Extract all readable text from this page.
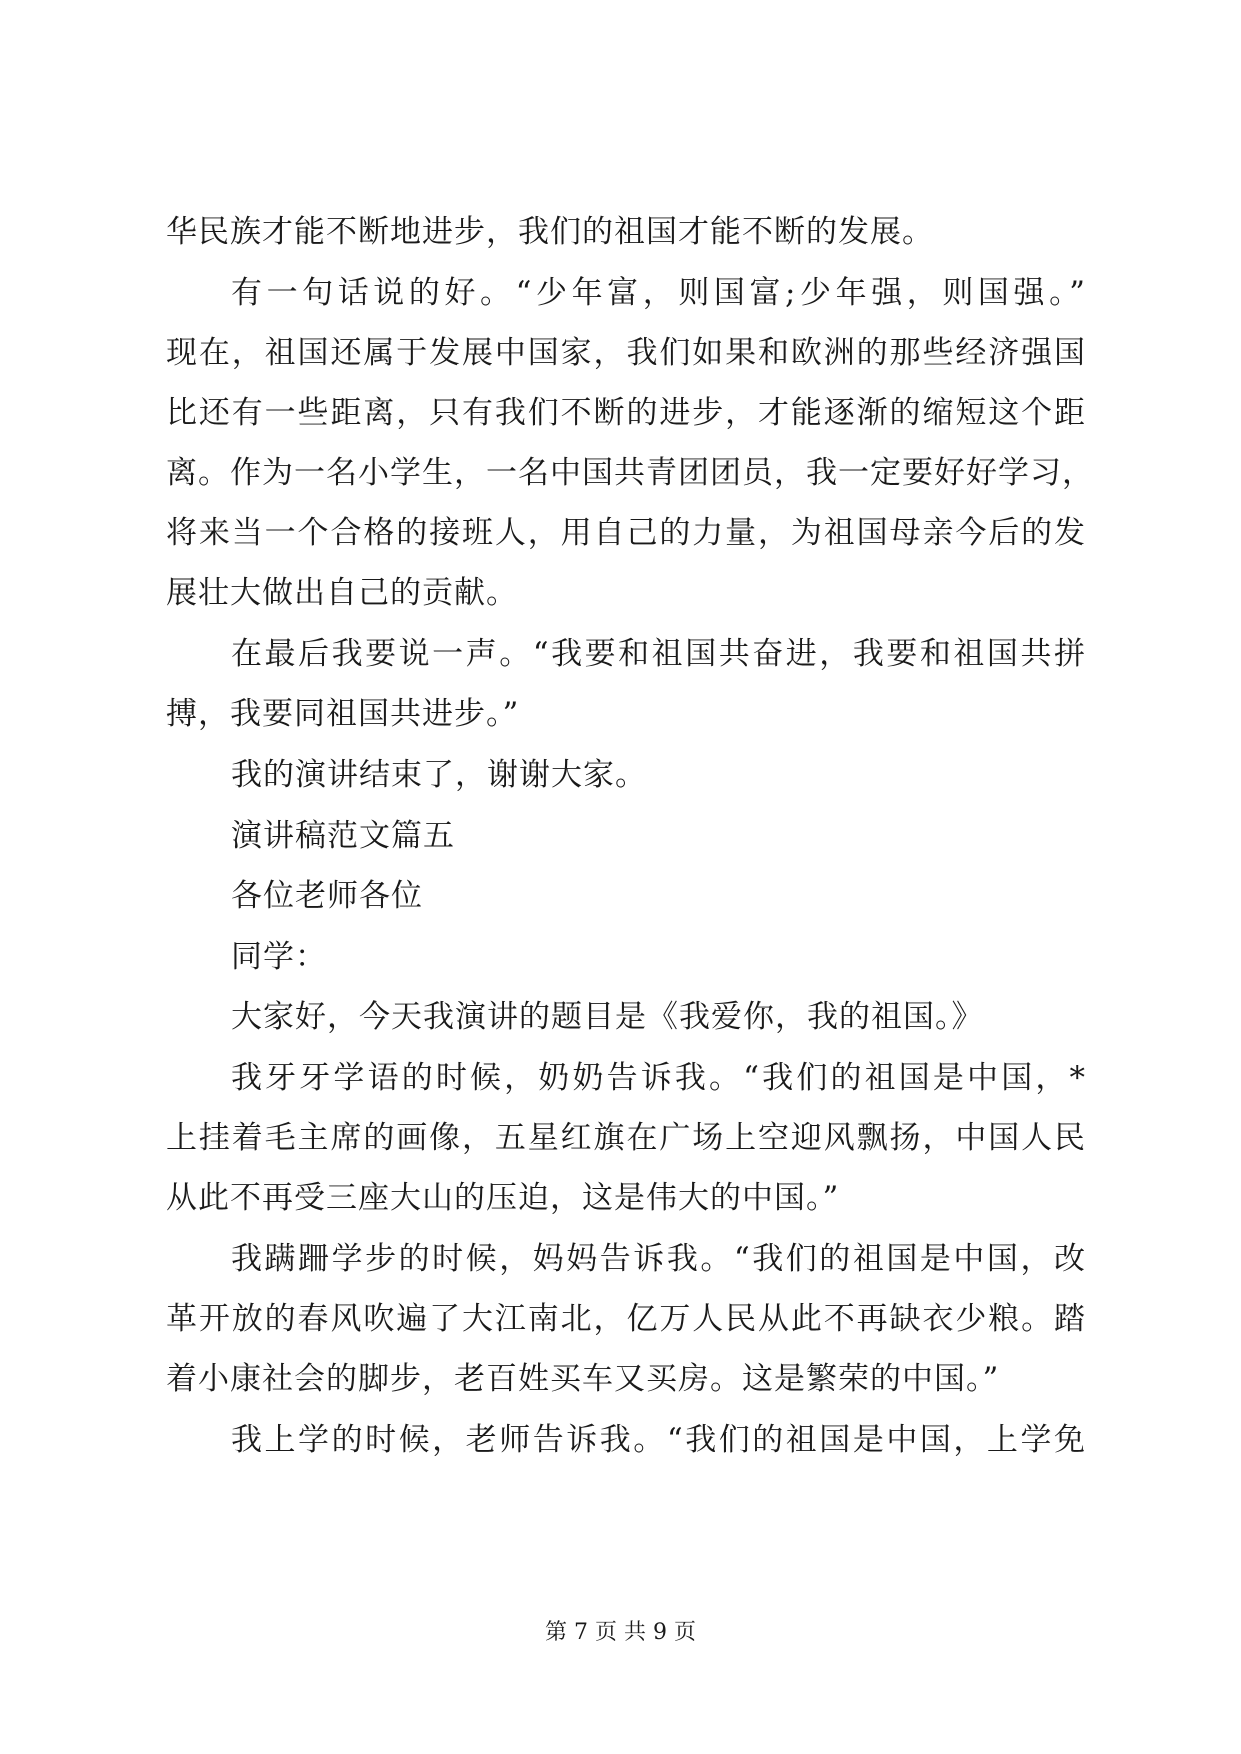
华民族才能不断地进步，我们的祖国才能不断的发展。
有一句话说的好。“少年富，则国富;少年强，则国强。”
现在，祖国还属于发展中国家，我们如果和欧洲的那些经济强国
比还有一些距离，只有我们不断的进步，才能逐渐的缩短这个距
离。作为一名小学生，一名中国共青团团员，我一定要好好学习，
将来当一个合格的接班人，用自己的力量，为祖国母亲今后的发
展壮大做出自己的贡献。
在最后我要说一声。“我要和祖国共奋进，我要和祖国共拼
搏，我要同祖国共进步。”
我的演讲结束了，谢谢大家。
演讲稿范文篇五
各位老师各位
同学：
大家好，今天我演讲的题目是《我爱你，我的祖国。》
我牙牙学语的时候，奶奶告诉我。“我们的祖国是中国，*
上挂着毛主席的画像，五星红旗在广场上空迎风飘扬，中国人民
从此不再受三座大山的压迫，这是伟大的中国。”
我蹒跚学步的时候，妈妈告诉我。“我们的祖国是中国，改
革开放的春风吹遍了大江南北，亿万人民从此不再缺衣少粮。踏
着小康社会的脚步，老百姓买车又买房。这是繁荣的中国。”
我上学的时候，老师告诉我。“我们的祖国是中国，上学免
第 7 页 共 9 页
